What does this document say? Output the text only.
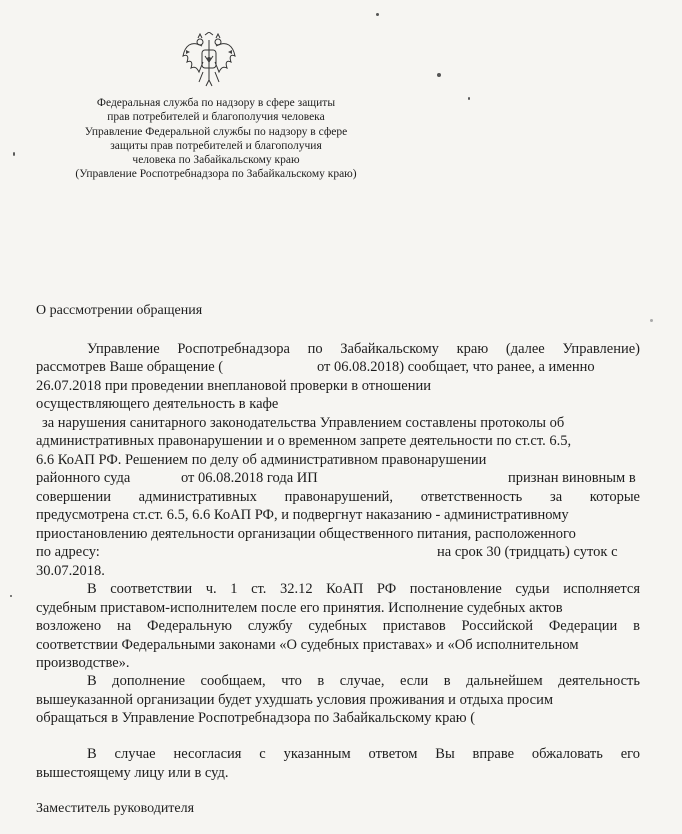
Федеральная служба по надзору в сфере защиты
прав потребителей и благополучия человека
Управление Федеральной службы по надзору в сфере
защиты прав потребителей и благополучия
человека по Забайкальскому краю
(Управление Роспотребнадзора по Забайкальскому краю)
О рассмотрении обращения
Управление Роспотребнадзора по Забайкальскому краю (далее Управление)
рассмотрев Ваше обращение (	от 06.08.2018) сообщает, что ранее, а именно
26.07.2018 при проведении внеплановой проверки в отношении
осуществляющего деятельность в кафе
за нарушения санитарного законодательства Управлением составлены протоколы об
административных правонарушении и о временном запрете деятельности по ст.ст. 6.5,
6.6 КоАП РФ. Решением по делу об административном правонарушении
районного суда	от 06.08.2018 года ИП	признан виновным в
совершении административных правонарушений, ответственность за которые
предусмотрена ст.ст. 6.5, 6.6 КоАП РФ, и подвергнут наказанию - административному
приостановлению деятельности организации общественного питания, расположенного
по адресу:	на срок 30 (тридцать) суток с
30.07.2018.
В соответствии ч. 1 ст. 32.12 КоАП РФ постановление судьи исполняется
судебным приставом-исполнителем после его принятия. Исполнение судебных актов
возложено на Федеральную службу судебных приставов Российской Федерации в
соответствии Федеральными законами «О судебных приставах» и «Об исполнительном
производстве».
В дополнение сообщаем, что в случае, если в дальнейшем деятельность
вышеуказанной организации будет ухудшать условия проживания и отдыха просим
обращаться в Управление Роспотребнадзора по Забайкальскому краю (
В случае несогласия с указанным ответом Вы вправе обжаловать его
вышестоящему лицу или в суд.
Заместитель руководителя
